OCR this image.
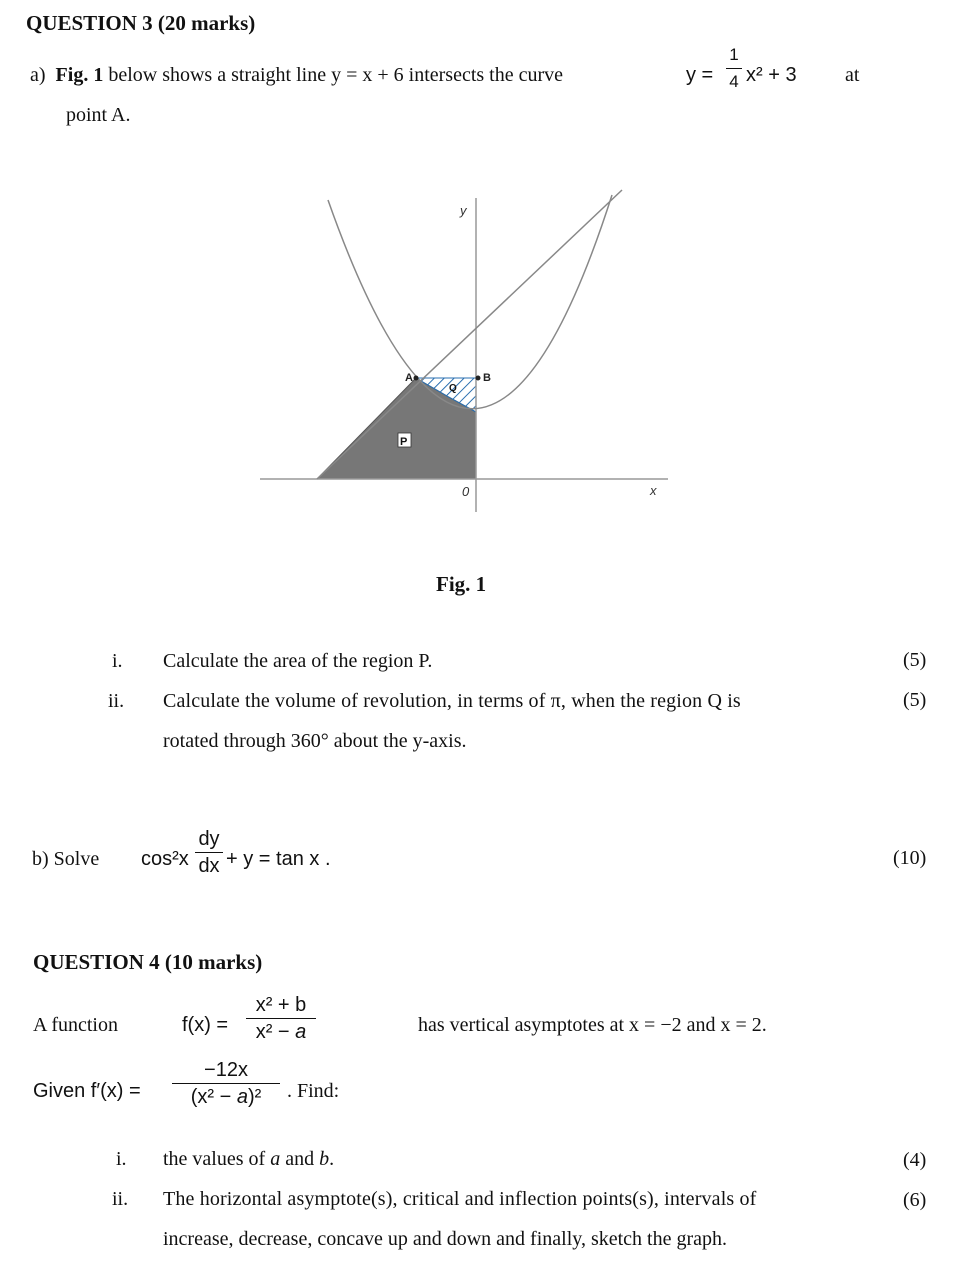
QUESTION 3 (20 marks)
a) Fig. 1 below shows a straight line y = x + 6 intersects the curve	y =
1
4 x² + 3 at
point A.
A	B
y
x
0
P
Q
Fig. 1
i. Calculate the area of the region P.	(5)
ii. Calculate the volume of revolution, in terms of π, when the region Q is	(5)
rotated through 360° about the y-axis.
b) Solve cos²x
dy
dx + y = tan x .	(10)
QUESTION 4 (10 marks)
A function	f(x) =
x² + b
x² − a	has vertical asymptotes at x = −2 and x = 2.
Given f′(x) =
−12x
(x² − a)²	. Find:
i. the values of a and b.	(4)
ii. The horizontal asymptote(s), critical and inflection points(s), intervals of	(6)
increase, decrease, concave up and down and finally, sketch the graph.
